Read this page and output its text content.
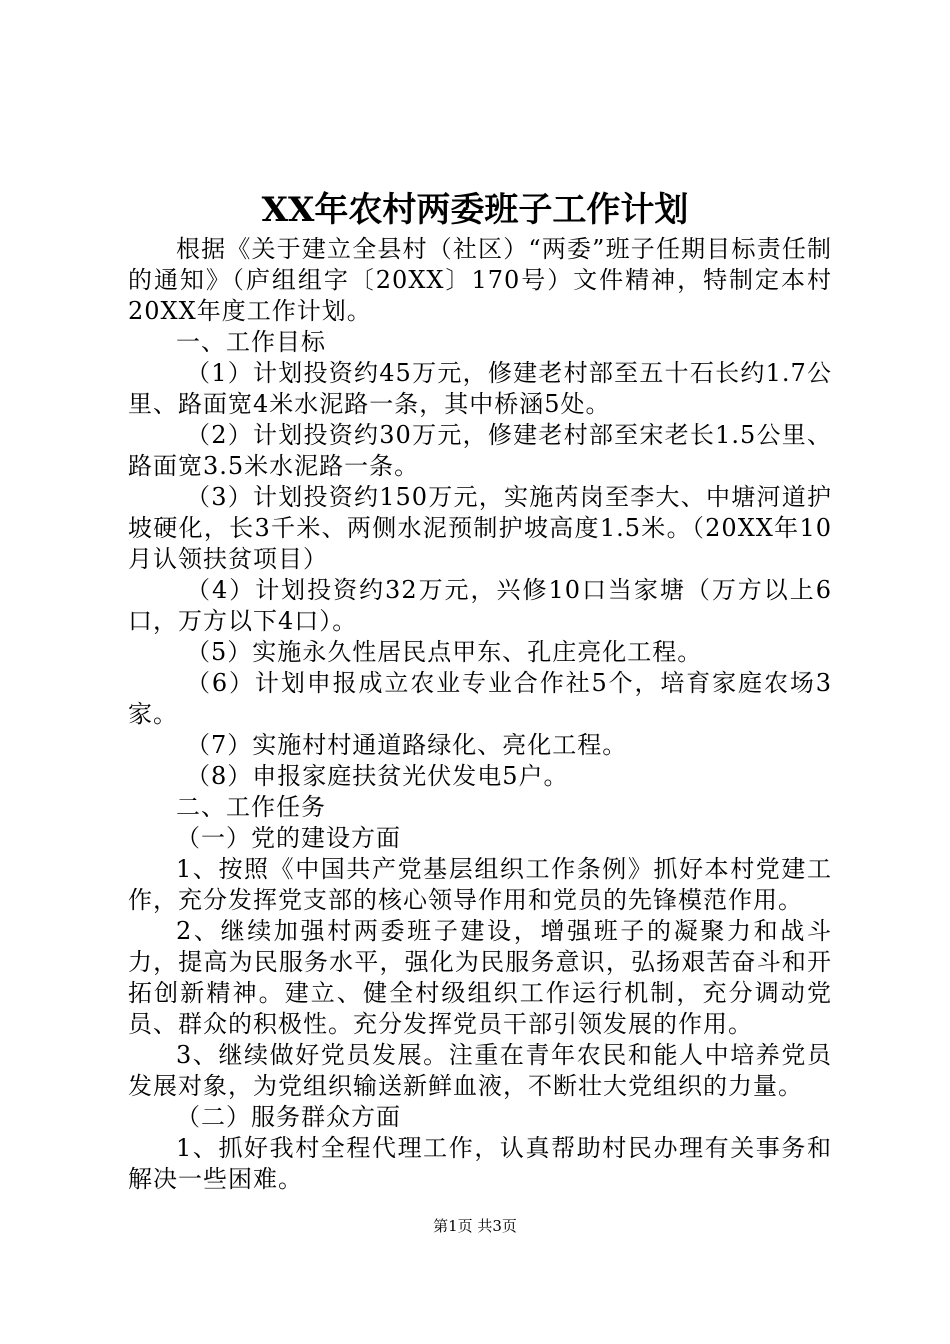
XX年农村两委班子工作计划

根据《关于建立全县村（社区）“两委”班子任期目标责任制的通知》（庐组组字〔20XX〕170号）文件精神，特制定本村20XX年度工作计划。

一、工作目标

（1）计划投资约45万元，修建老村部至五十石长约1.7公里、路面宽4米水泥路一条，其中桥涵5处。

（2）计划投资约30万元，修建老村部至宋老长1.5公里、路面宽3.5米水泥路一条。

（3）计划投资约150万元，实施芮岗至李大、中塘河道护坡硬化，长3千米、两侧水泥预制护坡高度1.5米。（20XX年10月认领扶贫项目）

（4）计划投资约32万元，兴修10口当家塘（万方以上6口，万方以下4口）。

（5）实施永久性居民点甲东、孔庄亮化工程。

（6）计划申报成立农业专业合作社5个，培育家庭农场3家。

（7）实施村村通道路绿化、亮化工程。

（8）申报家庭扶贫光伏发电5户。

二、工作任务

（一）党的建设方面

1、按照《中国共产党基层组织工作条例》抓好本村党建工作，充分发挥党支部的核心领导作用和党员的先锋模范作用。

2、继续加强村两委班子建设，增强班子的凝聚力和战斗力，提高为民服务水平，强化为民服务意识，弘扬艰苦奋斗和开拓创新精神。建立、健全村级组织工作运行机制，充分调动党员、群众的积极性。充分发挥党员干部引领发展的作用。

3、继续做好党员发展。注重在青年农民和能人中培养党员发展对象，为党组织输送新鲜血液，不断壮大党组织的力量。

（二）服务群众方面

1、抓好我村全程代理工作，认真帮助村民办理有关事务和解决一些困难。

第1页 共3页
